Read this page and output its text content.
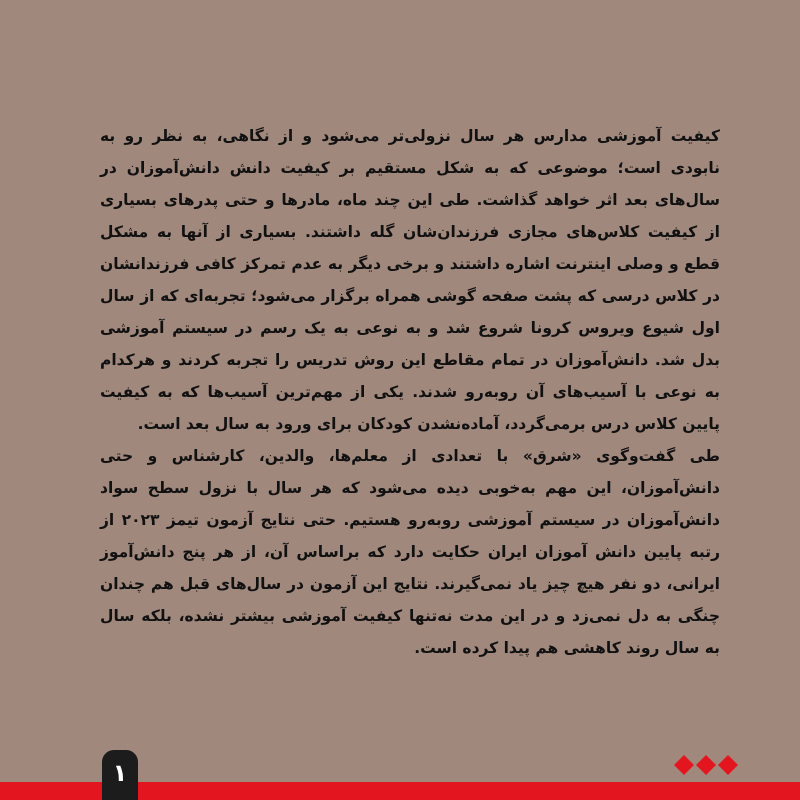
کیفیت آموزشی مدارس هر سال نزولی‌تر می‌شود و از نگاهی، به نظر رو به نابودی است؛ موضوعی که به شکل مستقیم بر کیفیت دانش دانش‌آموزان در سال‌های بعد اثر خواهد گذاشت. طی این چند ماه، مادرها و حتی پدرهای بسیاری از کیفیت کلاس‌های مجازی فرزندان‌شان گله داشتند. بسیاری از آنها به مشکل قطع و وصلی اینترنت اشاره داشتند و برخی دیگر به عدم تمرکز کافی فرزندانشان در کلاس درسی که پشت صفحه گوشی همراه برگزار می‌شود؛ تجربه‌ای که از سال اول شیوع ویروس کرونا شروع شد و به نوعی به یک رسم در سیستم آموزشی بدل شد. دانش‌آموزان در تمام مقاطع این روش تدریس را تجربه کردند و هرکدام به نوعی با آسیب‌های آن روبه‌رو شدند. یکی از مهم‌ترین آسیب‌ها که به کیفیت پایین کلاس درس برمی‌گردد، آماده‌نشدن کودکان برای ورود به سال بعد است.

طی گفت‌وگوی «شرق» با تعدادی از معلم‌ها، والدین، کارشناس و حتی دانش‌آموزان، این مهم به‌خوبی دیده می‌شود که هر سال با نزول سطح سواد دانش‌آموزان در سیستم آموزشی روبه‌رو هستیم. حتی نتایج آزمون تیمز ۲۰۲۳ از رتبه پایین دانش آموزان ایران حکایت دارد که براساس آن، از هر پنج دانش‌آموز ایرانی، دو نفر هیچ چیز یاد نمی‌گیرند. نتایج این آزمون در سال‌های قبل هم چندان چنگی به دل نمی‌زد و در این مدت نه‌تنها کیفیت آموزشی بیشتر نشده، بلکه سال به سال روند کاهشی هم پیدا کرده است.

۱
